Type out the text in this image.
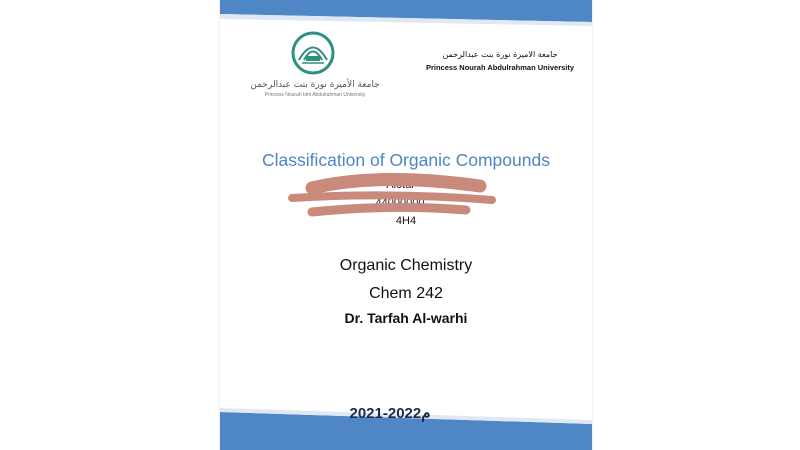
جامعة الأميرة نورة بنت عبدالرحمن
Princess Nourah bint Abdulrahman University
جامعة الاميرة نورة بنت عبدالرحمن
Princess Nourah Abdulrahman University
Classification of Organic Compounds
Alotai
44000000
4H4
Organic Chemistry
Chem 242
Dr. Tarfah Al-warhi
2021-2022م
